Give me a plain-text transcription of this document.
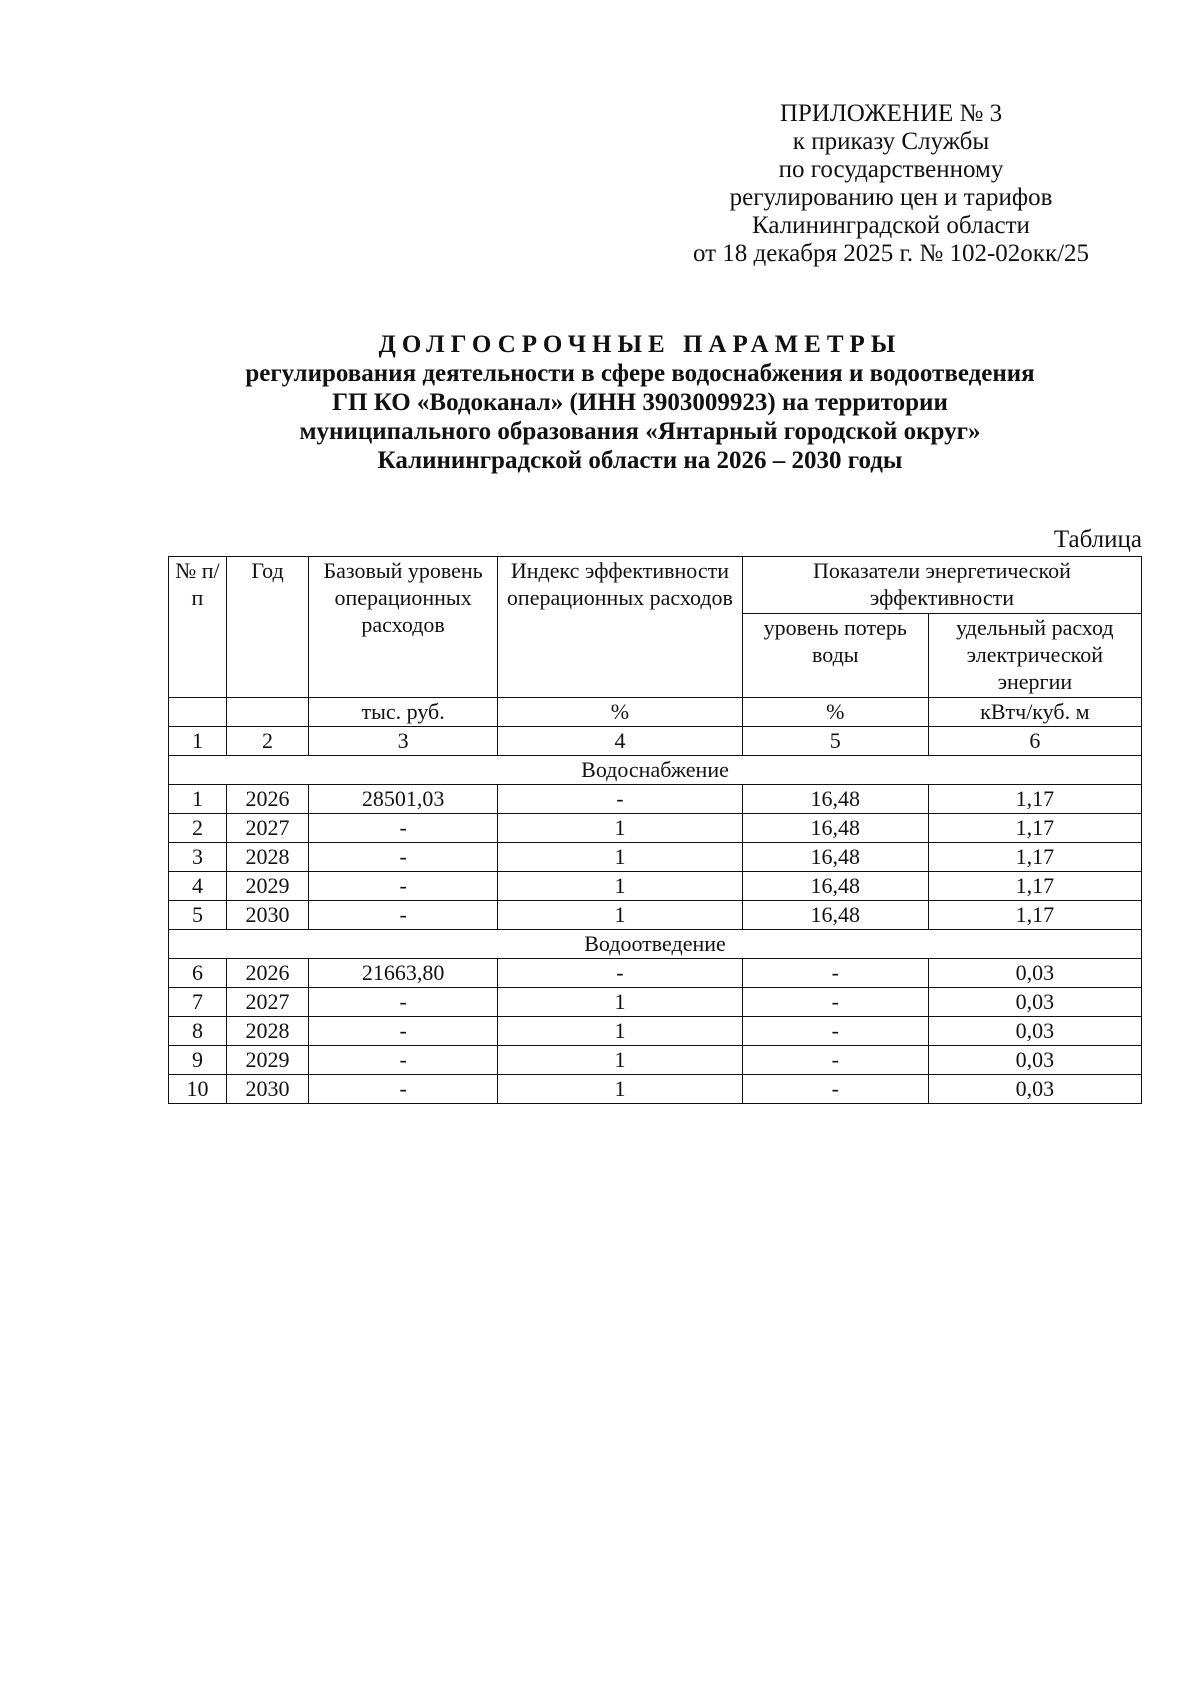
ПРИЛОЖЕНИЕ № 3
к приказу Службы
по государственному
регулированию цен и тарифов
Калининградской области
от 18 декабря 2025 г. № 102-02окк/25
ДОЛГОСРОЧНЫЕ ПАРАМЕТРЫ
регулирования деятельности в сфере водоснабжения и водоотведения
ГП КО «Водоканал» (ИНН 3903009923) на территории
муниципального образования «Янтарный городской округ»
Калининградской области на 2026 – 2030 годы
Таблица
№ п/п	Год	Базовый уровень операционных расходов	Индекс эффективности операционных расходов	Показатели энергетической эффективности	
				уровень потерь воды	удельный расход электрической энергии
		тыс. руб.	%	%	кВтч/куб. м
1	2	3	4	5	6
Водоснабжение					
1	2026	28501,03	-	16,48	1,17
2	2027	-	1	16,48	1,17
3	2028	-	1	16,48	1,17
4	2029	-	1	16,48	1,17
5	2030	-	1	16,48	1,17
Водоотведение					
6	2026	21663,80	-	-	0,03
7	2027	-	1	-	0,03
8	2028	-	1	-	0,03
9	2029	-	1	-	0,03
10	2030	-	1	-	0,03
